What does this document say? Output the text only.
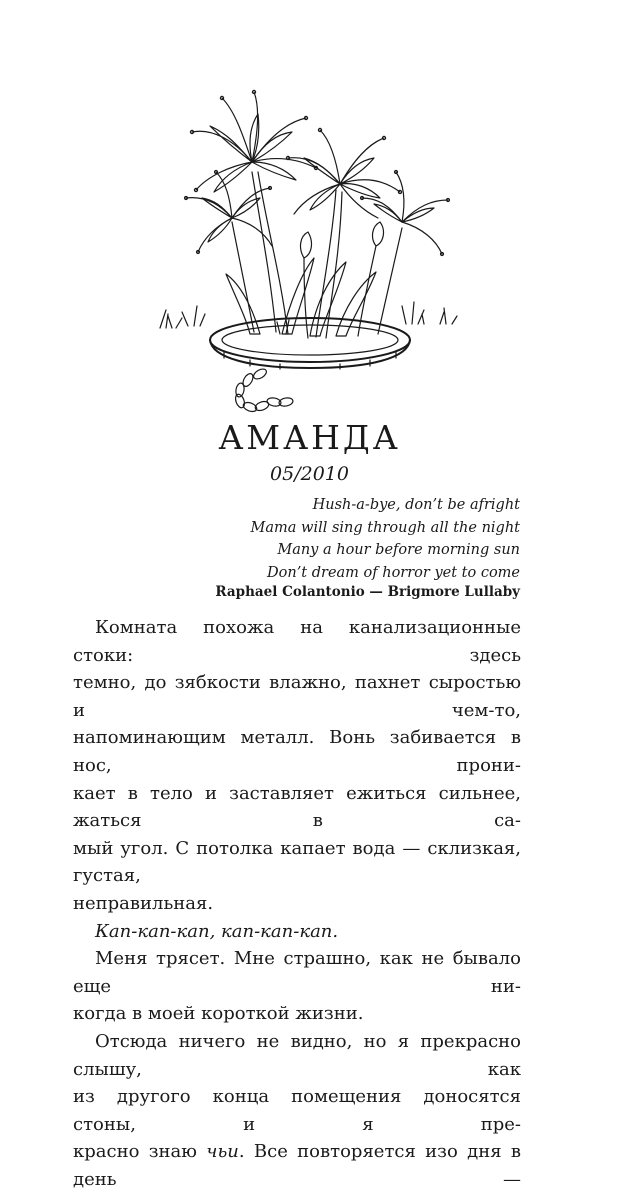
АМАНДА
05/2010
Hush-a-bye, don’t be afright
Mama will sing through all the night
Many a hour before morning sun
Don’t dream of horror yet to come
Raphael Colantonio — Brigmore Lullaby

Комната похожа на канализационные стоки: здесь

темно, до зябкости влажно, пахнет сыростью и чем-то,

напоминающим металл. Вонь забивается в нос, прони-

кает в тело и заставляет ежиться сильнее, жаться в са-

мый угол. С потолка капает вода — склизкая, густая,

неправильная.

Кап-кап-кап, кап-кап-кап.

Меня трясет. Мне страшно, как не бывало еще ни-

когда в моей короткой жизни.

Отсюда ничего не видно, но я прекрасно слышу, как

из другого конца помещения доносятся стоны, и я пре-

красно знаю чьи. Все повторяется изо дня в день —
